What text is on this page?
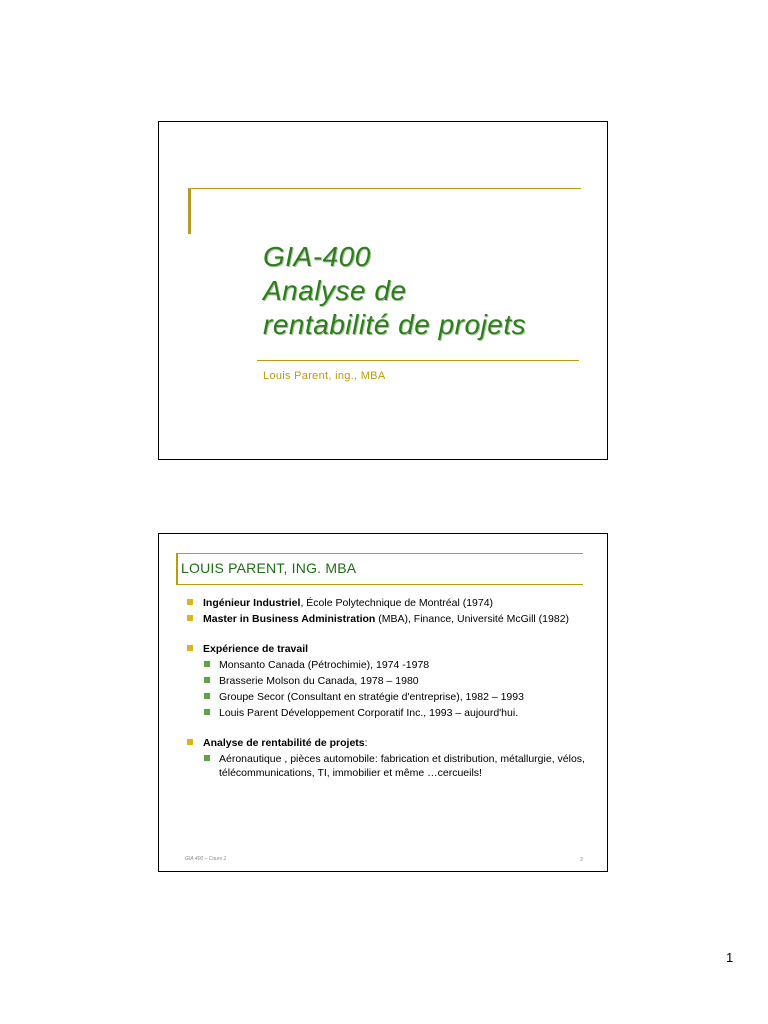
GIA-400
Analyse de
rentabilité de projets
Louis Parent, ing., MBA
LOUIS PARENT, ING. MBA
Ingénieur Industriel, École Polytechnique de Montréal (1974)
Master in Business Administration (MBA), Finance, Université McGill (1982)
Expérience de travail
Monsanto Canada (Pétrochimie), 1974 -1978
Brasserie Molson du Canada, 1978 – 1980
Groupe Secor (Consultant en stratégie d'entreprise), 1982 – 1993
Louis Parent Développement Corporatif Inc., 1993 – aujourd'hui.
Analyse de rentabilité de projets:
Aéronautique , pièces automobile: fabrication et distribution, métallurgie, vélos, télécommunications, TI, immobilier et même …cercueils!
GIA 400 – Cours 1	2
1
